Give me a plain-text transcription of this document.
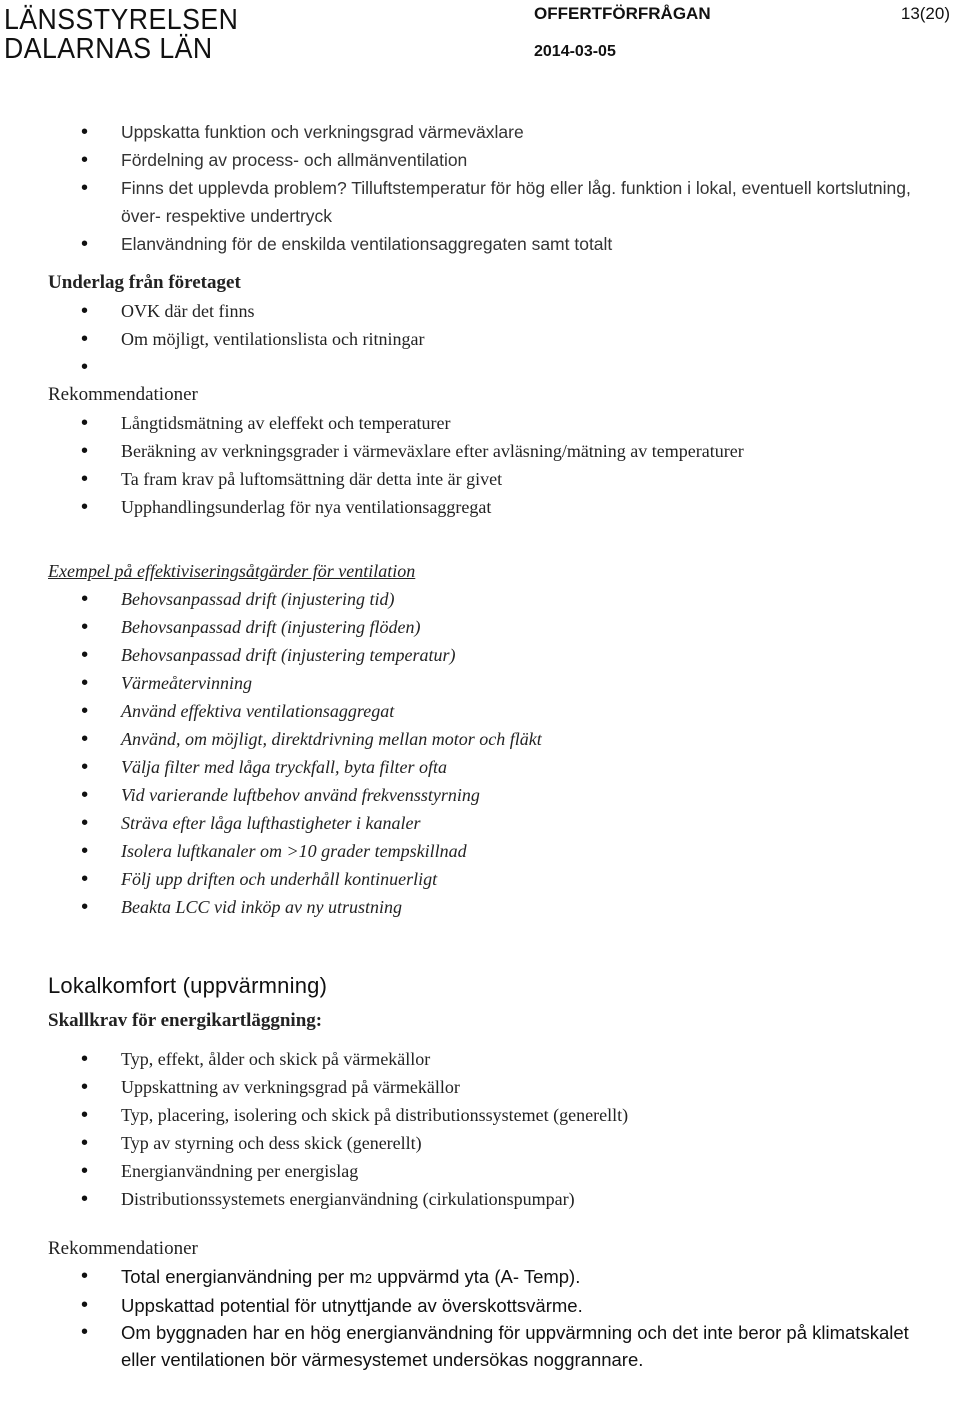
LÄNSSTYRELSEN
DALARNAS LÄN
OFFERTFÖRFRÅGAN	13(20)
2014-03-05
• Uppskatta funktion och verkningsgrad värmeväxlare
• Fördelning av process- och allmänventilation
• Finns det upplevda problem? Tilluftstemperatur för hög eller låg. funktion i lokal, eventuell kortslutning, över- respektive undertryck
• Elanvändning för de enskilda ventilationsaggregaten samt totalt
Underlag från företaget
• OVK där det finns
• Om möjligt, ventilationslista och ritningar
•
Rekommendationer
• Långtidsmätning av eleffekt och temperaturer
• Beräkning av verkningsgrader i värmeväxlare efter avläsning/mätning av temperaturer
• Ta fram krav på luftomsättning där detta inte är givet
• Upphandlingsunderlag för nya ventilationsaggregat
Exempel på effektiviseringsåtgärder för ventilation
• Behovsanpassad drift (injustering tid)
• Behovsanpassad drift (injustering flöden)
• Behovsanpassad drift (injustering temperatur)
• Värmeåtervinning
• Använd effektiva ventilationsaggregat
• Använd, om möjligt, direktdrivning mellan motor och fläkt
• Välja filter med låga tryckfall, byta filter ofta
• Vid varierande luftbehov använd frekvensstyrning
• Sträva efter låga lufthastigheter i kanaler
• Isolera luftkanaler om >10 grader tempskillnad
• Följ upp driften och underhåll kontinuerligt
• Beakta LCC vid inköp av ny utrustning
Lokalkomfort (uppvärmning)
Skallkrav för energikartläggning:
• Typ, effekt, ålder och skick på värmekällor
• Uppskattning av verkningsgrad på värmekällor
• Typ, placering, isolering och skick på distributionssystemet (generellt)
• Typ av styrning och dess skick (generellt)
• Energianvändning per energislag
• Distributionssystemets energianvändning (cirkulationspumpar)
Rekommendationer
• Total energianvändning per m2 uppvärmd yta (A- Temp).
• Uppskattad potential för utnyttjande av överskottsvärme.
• Om byggnaden har en hög energianvändning för uppvärmning och det inte beror på klimatskalet eller ventilationen bör värmesystemet undersökas noggrannare.
